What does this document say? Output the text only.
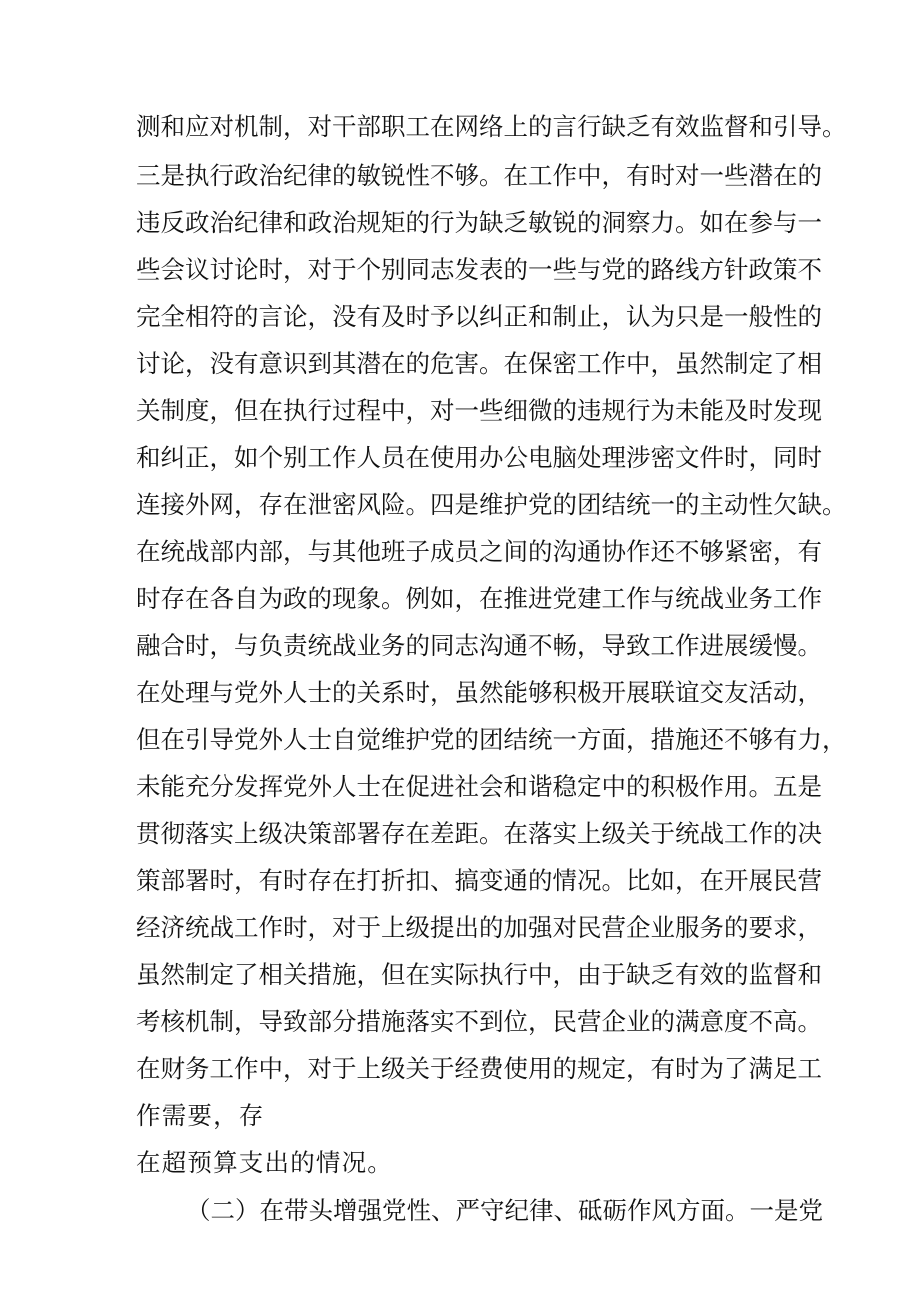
测和应对机制，对干部职工在网络上的言行缺乏有效监督和引导。
三是执行政治纪律的敏锐性不够。在工作中，有时对一些潜在的
违反政治纪律和政治规矩的行为缺乏敏锐的洞察力。如在参与一
些会议讨论时，对于个别同志发表的一些与党的路线方针政策不
完全相符的言论，没有及时予以纠正和制止，认为只是一般性的
讨论，没有意识到其潜在的危害。在保密工作中，虽然制定了相
关制度，但在执行过程中，对一些细微的违规行为未能及时发现
和纠正，如个别工作人员在使用办公电脑处理涉密文件时，同时
连接外网，存在泄密风险。四是维护党的团结统一的主动性欠缺。
在统战部内部，与其他班子成员之间的沟通协作还不够紧密，有
时存在各自为政的现象。例如，在推进党建工作与统战业务工作
融合时，与负责统战业务的同志沟通不畅，导致工作进展缓慢。
在处理与党外人士的关系时，虽然能够积极开展联谊交友活动，
但在引导党外人士自觉维护党的团结统一方面，措施还不够有力，
未能充分发挥党外人士在促进社会和谐稳定中的积极作用。五是
贯彻落实上级决策部署存在差距。在落实上级关于统战工作的决
策部署时，有时存在打折扣、搞变通的情况。比如，在开展民营
经济统战工作时，对于上级提出的加强对民营企业服务的要求，
虽然制定了相关措施，但在实际执行中，由于缺乏有效的监督和
考核机制，导致部分措施落实不到位，民营企业的满意度不高。
在财务工作中，对于上级关于经费使用的规定，有时为了满足工
作需要，存
在超预算支出的情况。
（二）在带头增强党性、严守纪律、砥砺作风方面。一是党
